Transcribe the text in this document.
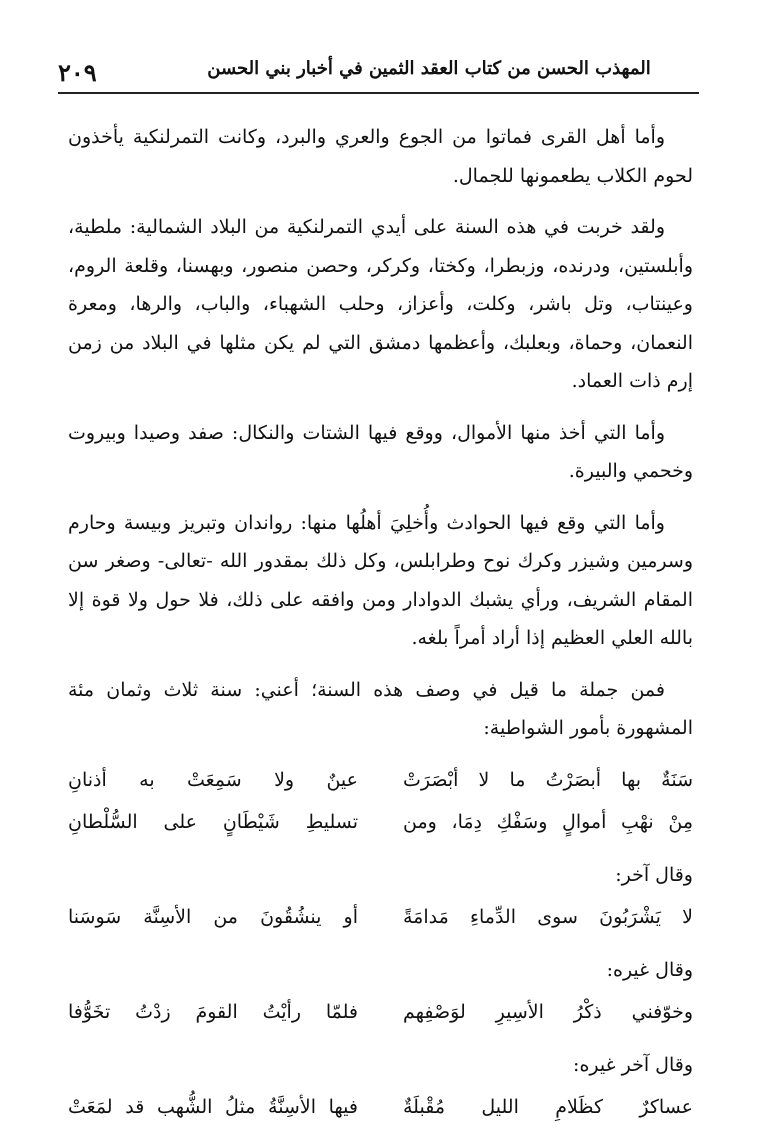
٢٠٩	المهذب الحسن من كتاب العقد الثمين في أخبار بني الحسن

وأما أهل القرى فماتوا من الجوع والعري والبرد، وكانت التمرلنكية يأخذون لحوم الكلاب يطعمونها للجمال.

ولقد خربت في هذه السنة على أيدي التمرلنكية من البلاد الشمالية: ملطية، وأبلستين، ودرنده، وزبطرا، وكختا، وكركر، وحصن منصور، وبهسنا، وقلعة الروم، وعينتاب، وتل باشر، وكلت، وأعزاز، وحلب الشهباء، والباب، والرها، ومعرة النعمان، وحماة، وبعلبك، وأعظمها دمشق التي لم يكن مثلها في البلاد من زمن إرم ذات العماد.

وأما التي أخذ منها الأموال، ووقع فيها الشتات والنكال: صفد وصيدا وبيروت وخحمي والبيرة.

وأما التي وقع فيها الحوادث وأُخلِيَ أهلُها منها: رواندان وتبريز وبيسة وحارم وسرمين وشيزر وكرك نوح وطرابلس، وكل ذلك بمقدور الله -تعالى- وصغر سن المقام الشريف، ورأي يشبك الدوادار ومن وافقه على ذلك، فلا حول ولا قوة إلا بالله العلي العظيم إذا أراد أمراً بلغه.

فمن جملة ما قيل في وصف هذه السنة؛ أعني: سنة ثلاث وثمان مئة المشهورة بأمور الشواطية:

سَنَةٌ بها أبصَرْتُ ما لا أبْصَرَتْ
عينٌ ولا سَمِعَتْ به أذنانِ
مِنْ نهْبِ أموالٍ وسَفْكِ دِمَا، ومن
تسليطِ شَيْطَانٍ على السُّلْطانِ

وقال آخر:

لا يَشْرَبُونَ سوى الدِّماءِ مَدامَةً
أو ينشُقُونَ من الأسِنَّة سَوسَنا

وقال غيره:

وخوّفني ذكْرُ الأسِيرِ لوَصْفِهم
فلمّا رأيْتُ القومَ زدْتُ تخَوُّفا

وقال آخر غيره:

عساكرٌ كظَلامِ الليل مُقْبلَةٌ
فيها الأسِنَّةُ مثلُ الشُّهب قد لمَعَتْ
